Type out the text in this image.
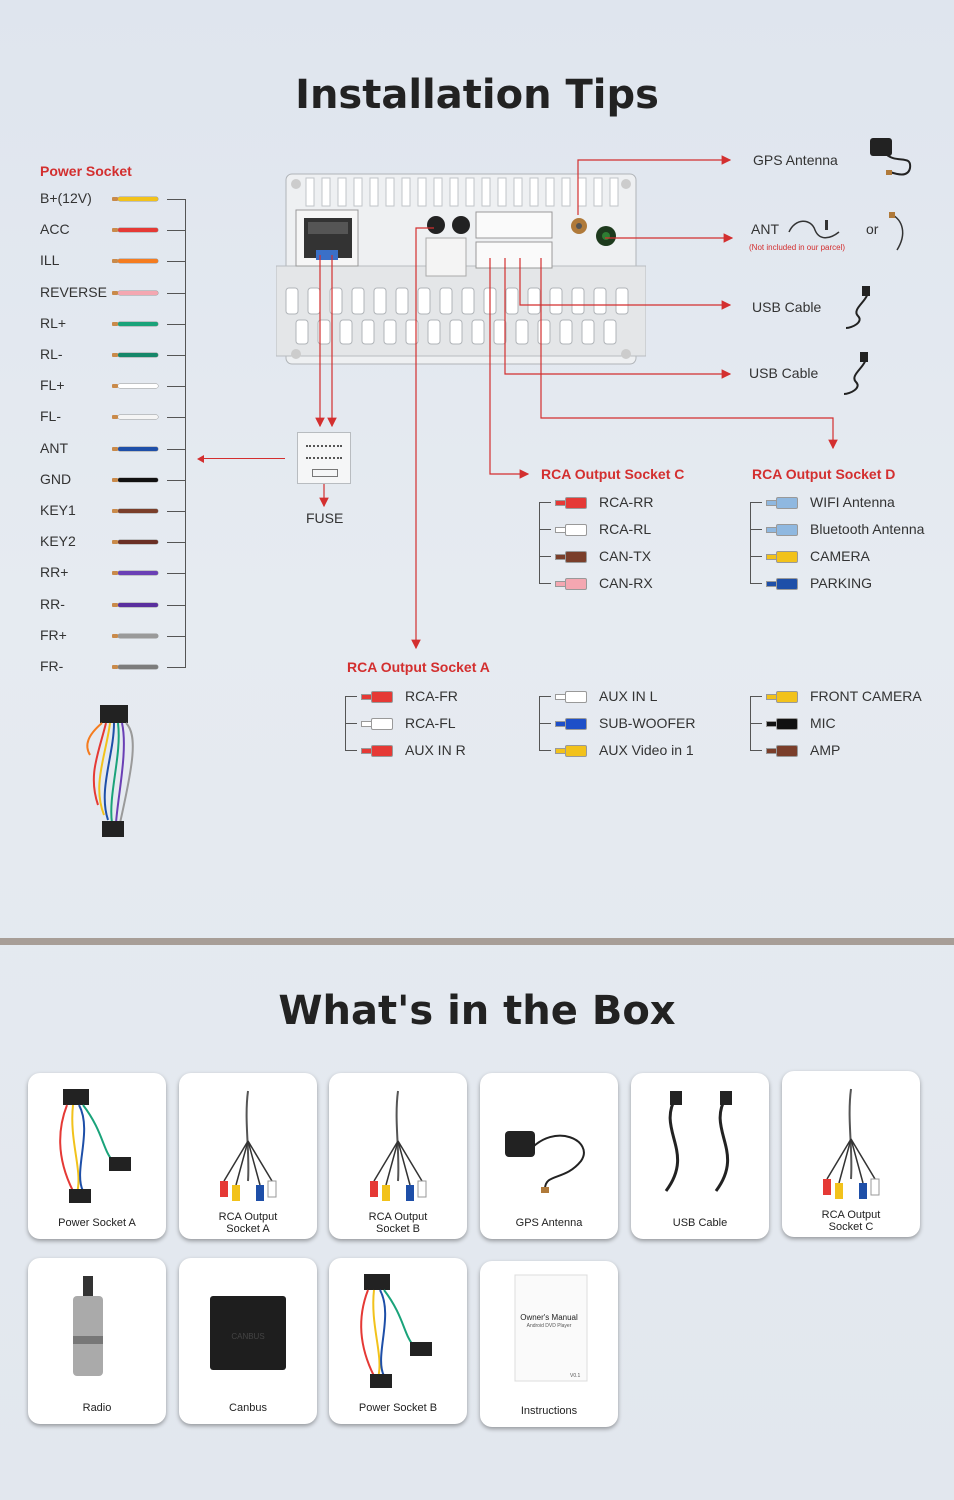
Installation Tips
Power Socket
B+(12V)
ACC
ILL
REVERSE
RL+
RL-
FL+
FL-
ANT
GND
KEY1
KEY2
RR+
RR-
FR+
FR-
FUSE
GPS Antenna
ANT
(Not included in our parcel)
or
USB Cable
USB Cable
RCA Output Socket C
RCA-RR
RCA-RL
CAN-TX
CAN-RX
RCA Output Socket D
WIFI Antenna
Bluetooth Antenna
CAMERA
PARKING
RCA Output Socket A
RCA-FR
RCA-FL
AUX IN R
AUX IN L
SUB-WOOFER
AUX Video in 1
FRONT CAMERA
MIC
AMP
What's in the Box
Power Socket A	RCA Output
Socket A
RCA Output
Socket B	GPS Antenna	USB Cable
RCA Output
Socket C
Radio
CANBUS
Canbus	Power Socket B
Owner's Manual
Android DVD Player
V0.1
Instructions
